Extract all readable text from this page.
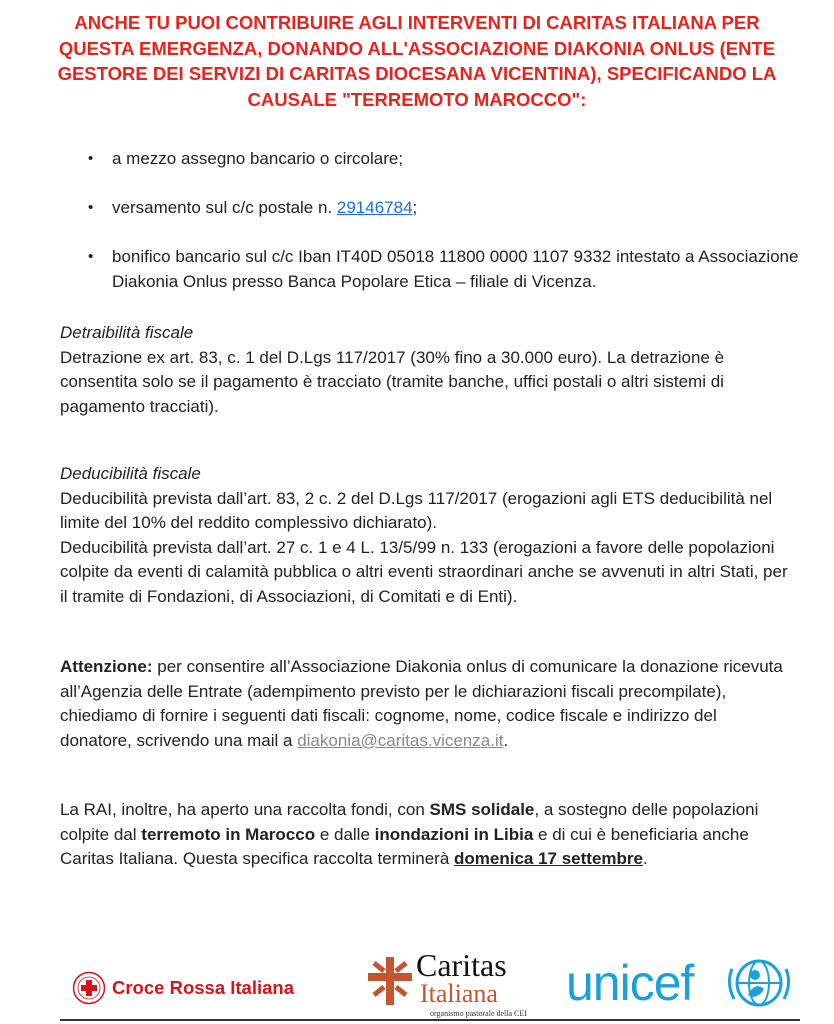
ANCHE TU PUOI CONTRIBUIRE AGLI INTERVENTI DI CARITAS ITALIANA PER QUESTA EMERGENZA, DONANDO ALL'ASSOCIAZIONE DIAKONIA ONLUS (ENTE GESTORE DEI SERVIZI DI CARITAS DIOCESANA VICENTINA), SPECIFICANDO LA CAUSALE "TERREMOTO MAROCCO":

• a mezzo assegno bancario o circolare;
• versamento sul c/c postale n. 29146784;
• bonifico bancario sul c/c Iban IT40D 05018 11800 0000 1107 9332 intestato a Associazione Diakonia Onlus presso Banca Popolare Etica – filiale di Vicenza.

Detraibilità fiscale
Detrazione ex art. 83, c. 1 del D.Lgs 117/2017 (30% fino a 30.000 euro). La detrazione è consentita solo se il pagamento è tracciato (tramite banche, uffici postali o altri sistemi di pagamento tracciati).

Deducibilità fiscale
Deducibilità prevista dall’art. 83, 2 c. 2 del D.Lgs 117/2017 (erogazioni agli ETS deducibilità nel limite del 10% del reddito complessivo dichiarato).
Deducibilità prevista dall’art. 27 c. 1 e 4 L. 13/5/99 n. 133 (erogazioni a favore delle popolazioni colpite da eventi di calamità pubblica o altri eventi straordinari anche se avvenuti in altri Stati, per il tramite di Fondazioni, di Associazioni, di Comitati e di Enti).

Attenzione: per consentire all’Associazione Diakonia onlus di comunicare la donazione ricevuta all’Agenzia delle Entrate (adempimento previsto per le dichiarazioni fiscali precompilate), chiediamo di fornire i seguenti dati fiscali: cognome, nome, codice fiscale e indirizzo del donatore, scrivendo una mail a diakonia@caritas.vicenza.it.

La RAI, inoltre, ha aperto una raccolta fondi, con SMS solidale, a sostegno delle popolazioni colpite dal terremoto in Marocco e dalle inondazioni in Libia e di cui è beneficiaria anche Caritas Italiana. Questa specifica raccolta terminerà domenica 17 settembre.

Croce Rossa Italiana
Caritas
Italiana
organismo pastorale della CEI
unicef
